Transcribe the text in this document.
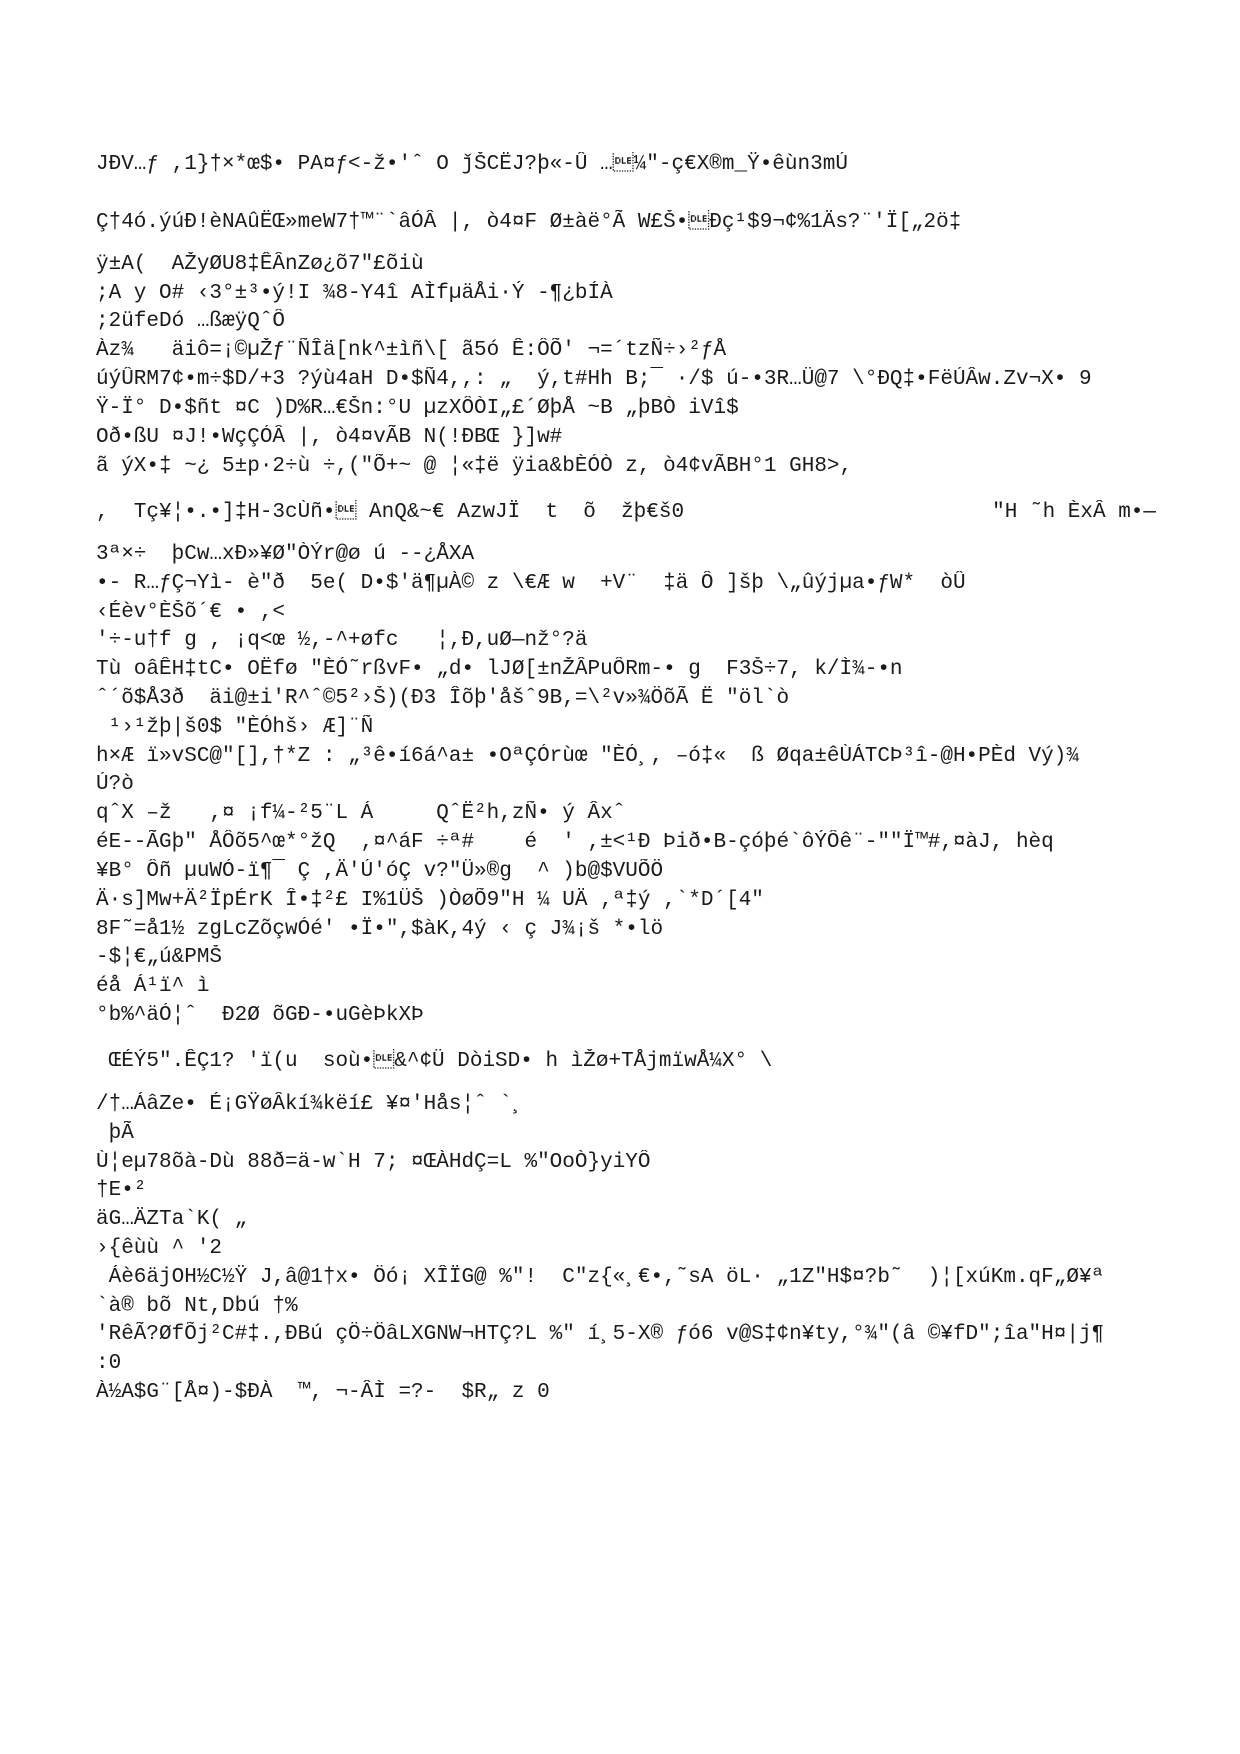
JÐV…ƒ ,1}†×*œ$• PA¤ƒ<-ž•'ˆ O ǰŠCËJ?þ«-Û …¼"-ç€X®m_Ÿ•êùn3mÚ
Ç†4ó.ýúÐ!èNAûËŒ»meW7†™¨`âÓÂ |, ò4¤F Ø±àë°Ã W£Š•Ðç¹$9¬¢%1Äs?¨'Ï[„2ö‡
ÿ±A(  AŽyØU8‡ÊÂnZø¿õ7"£õiù
;A y O# ‹3°±³•ý!I ¾8-Y4î AÌfµäÅi·Ý -¶¿bÍÀ
;2üfeDó …ßæÿQˆÔ
Àz¾   äiô=¡©µŽƒ¨ÑÎä[nk^±ìñ\[ ã5ó Ê:ÔÕ' ¬=´tzÑ÷›²ƒÅ
úýÛRM7¢•m÷$D/+3 ?ýù4aH D•$Ñ4,,: „  ý,t#Hh B;¯ ·/$ ú-•3R…Ü@7 \°ÐQ‡•FëÚÂw.Zv¬X• 9
Ÿ-Ï° D•$ñt ¤C )D%R…€Šn:°U µzXÔÒI„£´ØþÅ ~B „þBÒ iVî$
Oð•ßU ¤J!•WçÇÓÂ |, ò4¤vÃB N(!ÐBŒ }]w#
ã ýX•‡ ~¿ 5±p·2÷ù ÷,("Õ+~ @ ¦«‡ë ÿia&bÈÓÒ z, ò4¢vÃBH°1 GH8>,
,  Tç¥¦•.•]‡H-3cÙñ• AnQ&~€ AzwJÏ  t  õ  žþ€š0	"H ˜h ÈxÂ m•—
3ª×÷  þCw…xÐ»¥Ø"ÒÝr@ø ú --¿ÅXA
•- R…ƒÇ¬Yì- è"ð  5e( D•$'ä¶µÀ© z \€Æ w  +V¨  ‡ä Ô ]šþ \„ûýjµa•ƒW*  òÛ
‹Éèv°ÈŠõ´€ • ,<
'÷-u†f g , ¡q<œ ½,-^+øfc   ¦,Ð,uØ—nž°?ä
Tù oâÊH‡tC• OËfø "ÈÓ˜rßvF• „d• lJØ[±nŽÂPuÔRm-• g  F3Š÷7, k/Ì¾-•n
ˆ´õ$Å3ð  äi@±i'R^ˆ©5²›Š)(Ð3 Îõþ'åšˆ9B,=\²v»¾ÖõÃ Ë "öl`ò
¹›¹žþ|š0$ "ÈÓhš› Æ]¨Ñ
h×Æ ï»vSC@"[],†*Z : „³ê•í6á^a± •OªÇÓrùœ "ÈÓ¸, –ó‡«  ß Øqa±êÙÁTCÞ³î-@H•PÈd Vý)¾
Ú?ò
qˆX –ž   ,¤ ¡f¼-²5¨L Á     QˆË²h,zÑ• ý Âxˆ
éE--ÃGþ" ÅÔõ5^œ*°žQ  ,¤^áF ÷ª#    é  ' ,±<¹Ð Þið•B-çóþé`ôÝÔê¨-""Ï™#,¤àJ, hèq
¥B° Ôñ µuWÓ-ï¶¯ Ç ,Ä'Ú'óÇ v?"Ü»®g  ^ )b@$VUÕÖ
Ä·s]Mw+Ä²ÏpÉrK Î•‡²£ I%1ÜŠ )ÒøÕ9"H ¼ UÄ ,ª‡ý ,`*D´[4"
8F˜=å1½ zgLcZõçwÓé' •Ï•",$àK,4ý ‹ ç J¾¡š *•lö
-$¦€„ú&PMŠ
éå Á¹ï^ ì
°b%^äÓ¦ˆ  Ð2Ø õGÐ-•uGèÞkXÞ
ŒÉÝ5".ÊÇ1? 'ï(u  soù•&^¢Ü DòiSD• h ìŽø+TÅjmïwÅ¼X° \
/†…ÁâZe• É¡GŸøÂkí¾këí£ ¥¤'Hås¦ˆ `¸
þÃ
Ù¦eµ78õà-Dù 88ð=ä-w`H 7; ¤ŒÀHdÇ=L %"OoÒ}yiYÔ
†E•²
äG…ÄZTa`K( „
›{êùù ^ '2
Áè6äjOH½C½Ÿ J,â@1†x• Öó¡ XÎÏG@ %"!  C"z{«¸€•,˜sA öL· „1Z"H$¤?b˜  )¦[xúKm.qF„Ø¥ª
`à® bõ Nt,Dbú †%
'RêÃ?ØfÕj²C#‡.,ÐBú çÖ÷ÖâLXGNW¬HTÇ?L %" í¸5-X® ƒó6 v@S‡¢n¥ty,°¾"(â ©¥fD";îa"H¤|j¶
:0
À½A$G¨[Å¤)-$ÐÀ  ™, ¬-ÂÌ =?-  $R„ z 0
